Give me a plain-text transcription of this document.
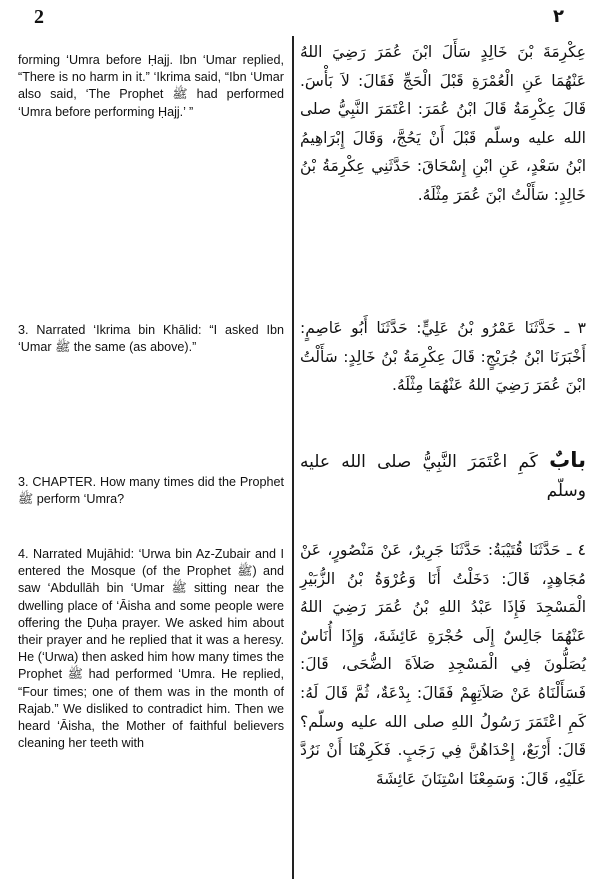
2	٢

forming ‘Umra before Ḥajj. Ibn ‘Umar replied, “There is no harm in it.” ‘Ikrima said, “Ibn ‘Umar also said, ‘The Prophet ﷺ had performed ‘Umra before performing Ḥajj.’ ”

3. Narrated ‘Ikrima bin Khālid: “I asked Ibn ‘Umar ﷺ the same (as above).”

3. CHAPTER. How many times did the Prophet ﷺ perform ‘Umra?

4. Narrated Mujāhid: ‘Urwa bin Az-Zubair and I entered the Mosque (of the Prophet ﷺ) and saw ‘Abdullāh bin ‘Umar ﷺ sitting near the dwelling place of ‘Āisha and some people were offering the Ḍuḥa prayer. We asked him about their prayer and he replied that it was a heresy. He (‘Urwa) then asked him how many times the Prophet ﷺ had performed ‘Umra. He replied, “Four times; one of them was in the month of Rajab.” We disliked to contradict him. Then we heard ‘Āisha, the Mother of faithful believers cleaning her teeth with

عِكْرِمَةَ بْنَ خَالِدٍ سَأَلَ ابْنَ عُمَرَ رَضِيَ اللهُ عَنْهُمَا عَنِ الْعُمْرَةِ قَبْلَ الْحَجِّ فَقَالَ: لاَ بَأْسَ. قَالَ عِكْرِمَةُ قَالَ ابْنُ عُمَرَ: اعْتَمَرَ النَّبِيُّ صلى الله عليه وسلّم قَبْلَ أَنْ يَحُجَّ، وَقَالَ إِبْرَاهِيمُ ابْنُ سَعْدٍ، عَنِ ابْنِ إِسْحَاقَ: حَدَّثَنِي عِكْرِمَةُ بْنُ خَالِدٍ: سَأَلْتُ ابْنَ عُمَرَ مِثْلَهُ.

٣ ـ حَدَّثَنَا عَمْرُو بْنُ عَلِيٍّ: حَدَّثَنَا أَبُو عَاصِمٍ: أَخْبَرَنَا ابْنُ جُرَيْجٍ: قَالَ عِكْرِمَةُ بْنُ خَالِدٍ: سَأَلْتُ ابْنَ عُمَرَ رَضِيَ اللهُ عَنْهُمَا مِثْلَهُ.

بابٌ كَمِ اعْتَمَرَ النَّبِيُّ صلى الله عليه وسلّم

٤ ـ حَدَّثَنَا قُتَيْبَةُ: حَدَّثَنَا جَرِيرٌ، عَنْ مَنْصُورٍ، عَنْ مُجَاهِدٍ، قَالَ: دَخَلْتُ أَنَا وَعُرْوَةُ بْنُ الزُّبَيْرِ الْمَسْجِدَ فَإِذَا عَبْدُ اللهِ بْنُ عُمَرَ رَضِيَ اللهُ عَنْهُمَا جَالِسٌ إِلَى حُجْرَةِ عَائِشَةَ، وَإِذَا أُنَاسٌ يُصَلُّونَ فِي الْمَسْجِدِ صَلاَةَ الضُّحَى، قَالَ: فَسَأَلْنَاهُ عَنْ صَلاَتِهِمْ فَقَالَ: بِدْعَةٌ، ثُمَّ قَالَ لَهُ: كَمِ اعْتَمَرَ رَسُولُ اللهِ صلى الله عليه وسلّم؟ قَالَ: أَرْبَعٌ، إِحْدَاهُنَّ فِي رَجَبٍ. فَكَرِهْنَا أَنْ نَرُدَّ عَلَيْهِ، قَالَ: وَسَمِعْنَا اسْتِنَانَ عَائِشَةَ
